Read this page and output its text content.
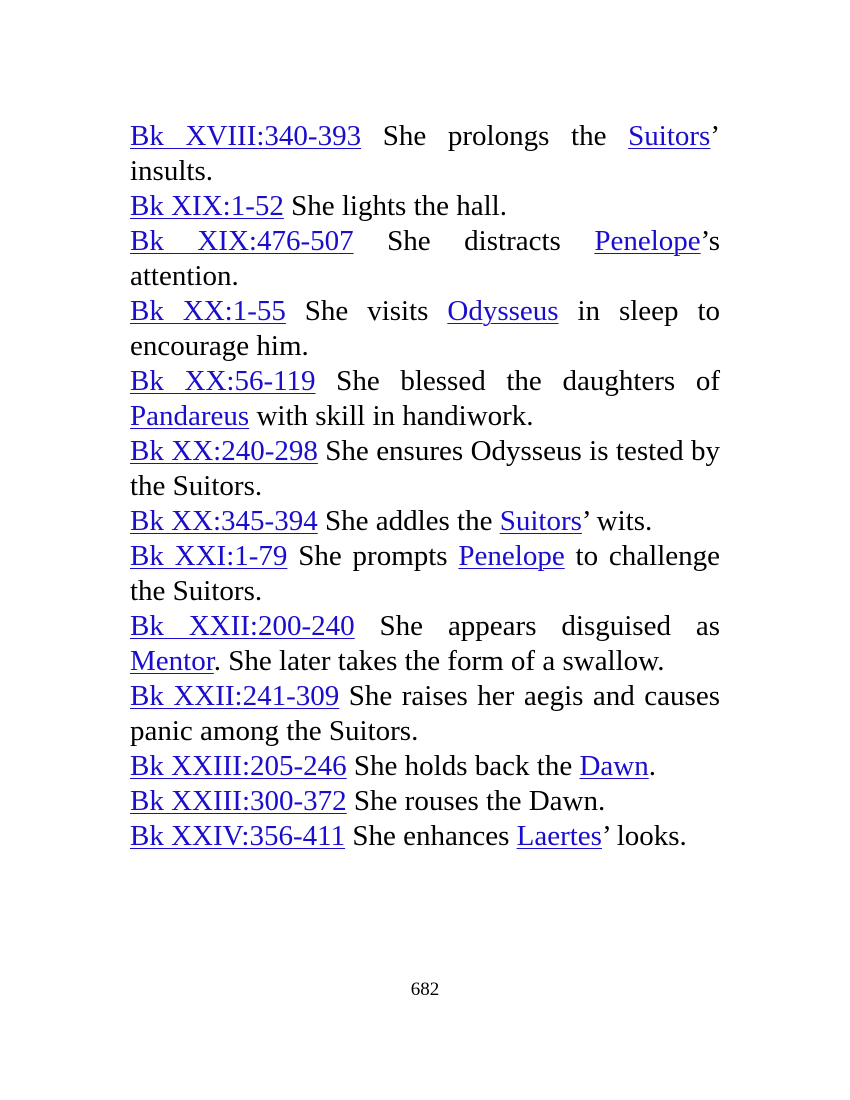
Bk XVIII:340-393 She prolongs the Suitors’ insults.

Bk XIX:1-52 She lights the hall.

Bk XIX:476-507 She distracts Penelope’s attention.

Bk XX:1-55 She visits Odysseus in sleep to encourage him.

Bk XX:56-119 She blessed the daughters of Pandareus with skill in handiwork.

Bk XX:240-298 She ensures Odysseus is tested by the Suitors.

Bk XX:345-394 She addles the Suitors’ wits.

Bk XXI:1-79 She prompts Penelope to challenge the Suitors.

Bk XXII:200-240 She appears disguised as Mentor. She later takes the form of a swallow.

Bk XXII:241-309 She raises her aegis and causes panic among the Suitors.

Bk XXIII:205-246 She holds back the Dawn.

Bk XXIII:300-372 She rouses the Dawn.

Bk XXIV:356-411 She enhances Laertes’ looks.

682
